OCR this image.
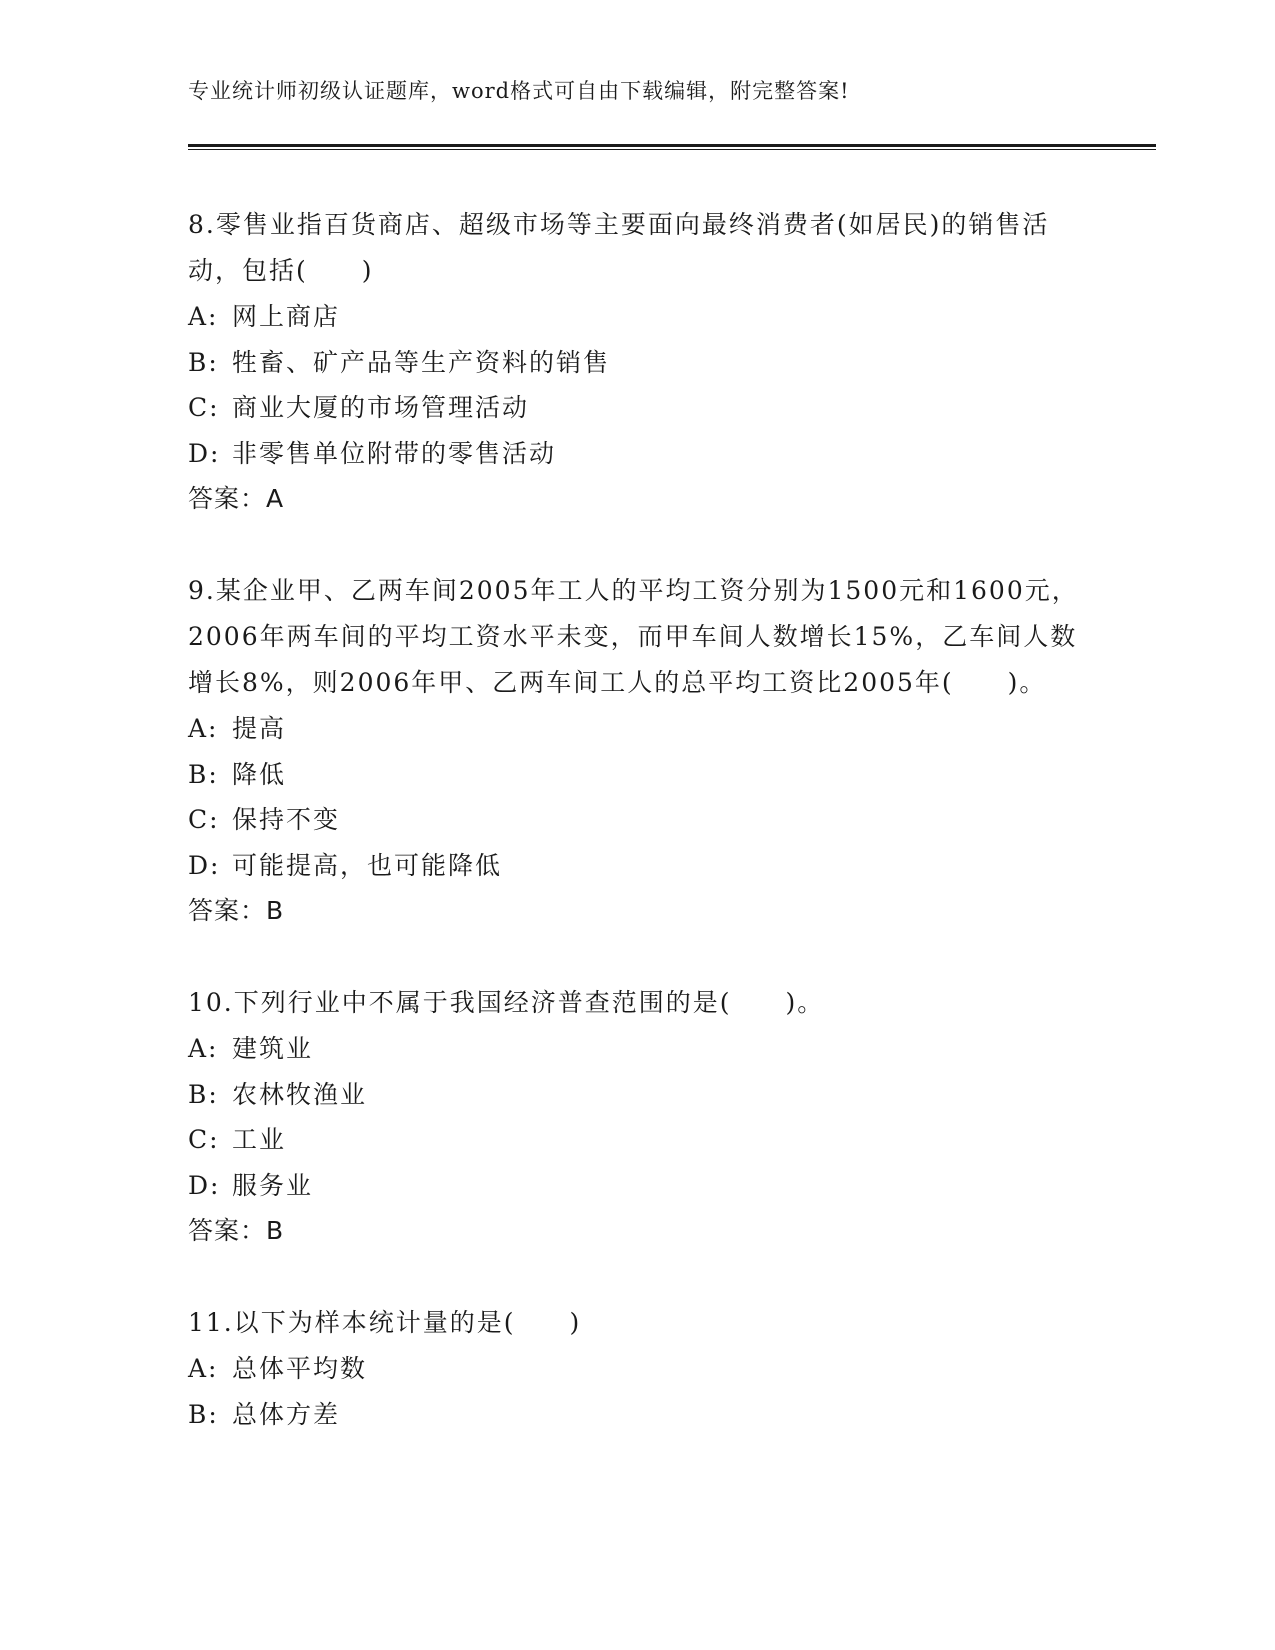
专业统计师初级认证题库，word格式可自由下载编辑，附完整答案!

8.零售业指百货商店、超级市场等主要面向最终消费者(如居民)的销售活动，包括(　　)

A: 网上商店
B: 牲畜、矿产品等生产资料的销售
C: 商业大厦的市场管理活动
D: 非零售单位附带的零售活动

答案：A

9.某企业甲、乙两车间2005年工人的平均工资分别为1500元和1600元，2006年两车间的平均工资水平未变，而甲车间人数增长15%，乙车间人数增长8%，则2006年甲、乙两车间工人的总平均工资比2005年(　　)。

A: 提高
B: 降低
C: 保持不变
D: 可能提高，也可能降低

答案：B

10.下列行业中不属于我国经济普查范围的是(　　)。

A: 建筑业
B: 农林牧渔业
C: 工业
D: 服务业

答案：B

11.以下为样本统计量的是(　　)

A: 总体平均数
B: 总体方差
